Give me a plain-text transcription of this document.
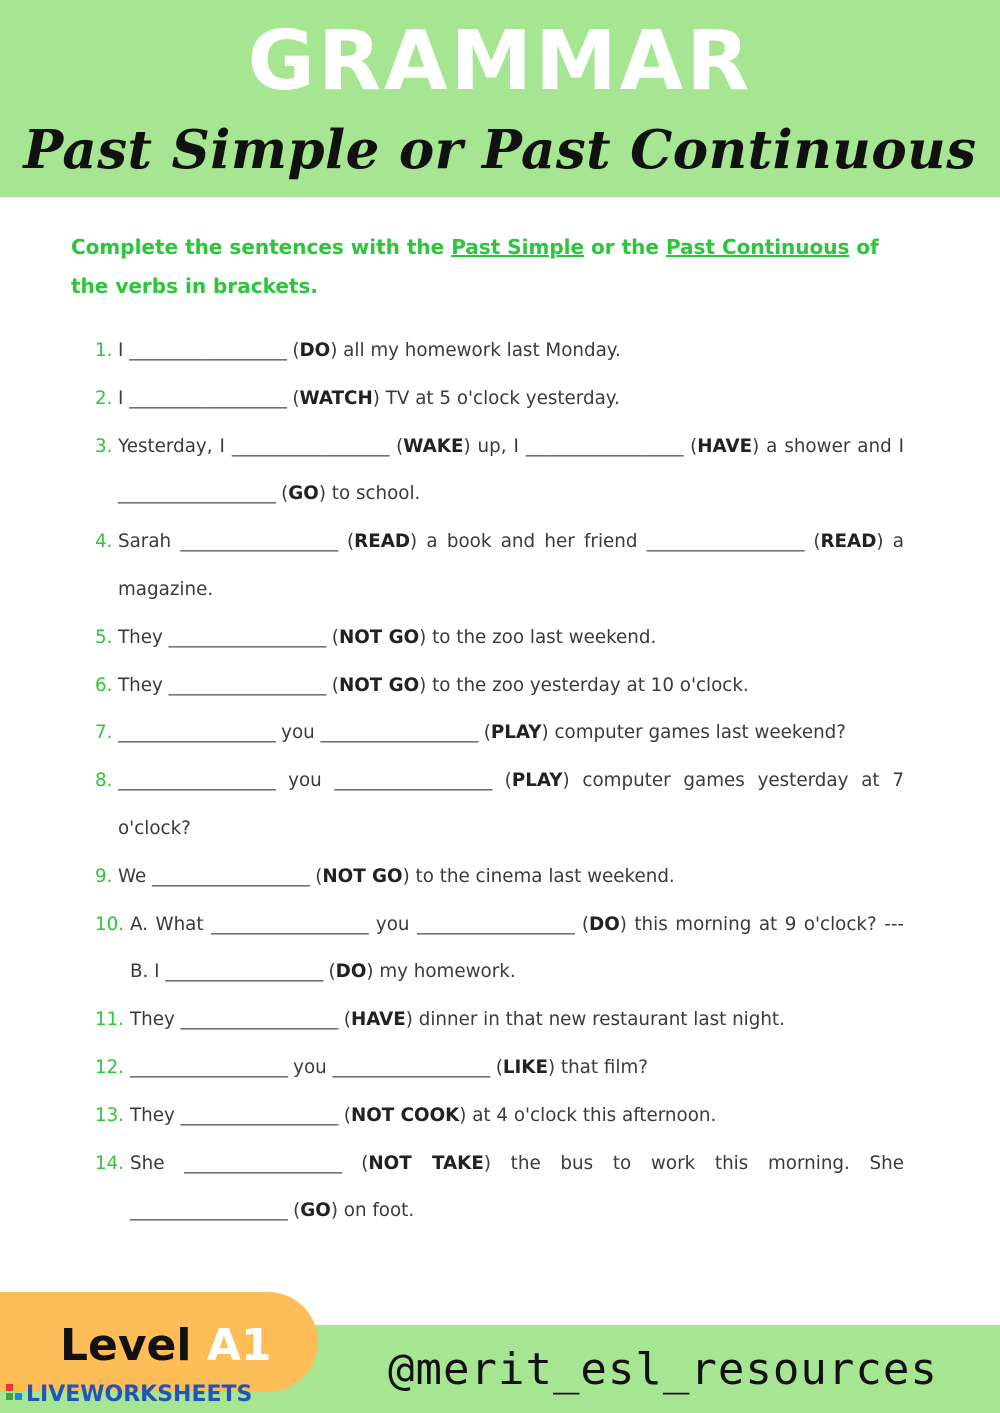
GRAMMAR
Past Simple or Past Continuous
Complete the sentences with the Past Simple or the Past Continuous of the verbs in brackets.
1. I __________________ (DO) all my homework last Monday.
2. I __________________ (WATCH) TV at 5 o'clock yesterday.
3. Yesterday, I __________________ (WAKE) up, I __________________ (HAVE) a shower and I __________________ (GO) to school.
4. Sarah __________________ (READ) a book and her friend __________________ (READ) a magazine.
5. They __________________ (NOT GO) to the zoo last weekend.
6. They __________________ (NOT GO) to the zoo yesterday at 10 o'clock.
7. __________________ you __________________ (PLAY) computer games last weekend?
8. __________________ you __________________ (PLAY) computer games yesterday at 7 o'clock?
9. We __________________ (NOT GO) to the cinema last weekend.
10. A. What __________________ you __________________ (DO) this morning at 9 o'clock? --- B. I __________________ (DO) my homework.
11. They __________________ (HAVE) dinner in that new restaurant last night.
12. __________________ you __________________ (LIKE) that film?
13. They __________________ (NOT COOK) at 4 o'clock this afternoon.
14. She __________________ (NOT TAKE) the bus to work this morning. She __________________ (GO) on foot.
Level A1	@merit_esl_resources
LIVEWORKSHEETS
